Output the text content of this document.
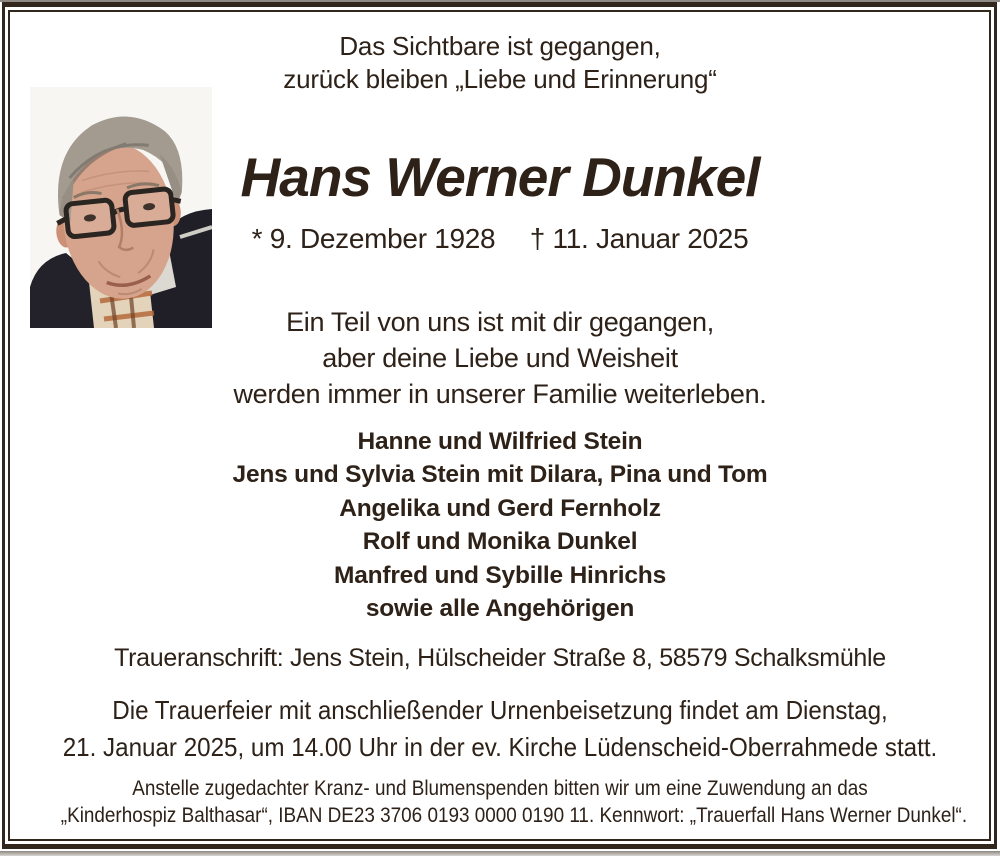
Das Sichtbare ist gegangen,
zurück bleiben „Liebe und Erinnerung“
Hans Werner Dunkel
* 9. Dezember 1928 † 11. Januar 2025
Ein Teil von uns ist mit dir gegangen,
aber deine Liebe und Weisheit
werden immer in unserer Familie weiterleben.
Hanne und Wilfried Stein
Jens und Sylvia Stein mit Dilara, Pina und Tom
Angelika und Gerd Fernholz
Rolf und Monika Dunkel
Manfred und Sybille Hinrichs
sowie alle Angehörigen
Traueranschrift: Jens Stein, Hülscheider Straße 8, 58579 Schalksmühle
Die Trauerfeier mit anschließender Urnenbeisetzung findet am Dienstag,
21. Januar 2025, um 14.00 Uhr in der ev. Kirche Lüdenscheid-Oberrahmede statt.
Anstelle zugedachter Kranz- und Blumenspenden bitten wir um eine Zuwendung an das
„Kinderhospiz Balthasar“, IBAN DE23 3706 0193 0000 0190 11. Kennwort: „Trauerfall Hans Werner Dunkel“.
